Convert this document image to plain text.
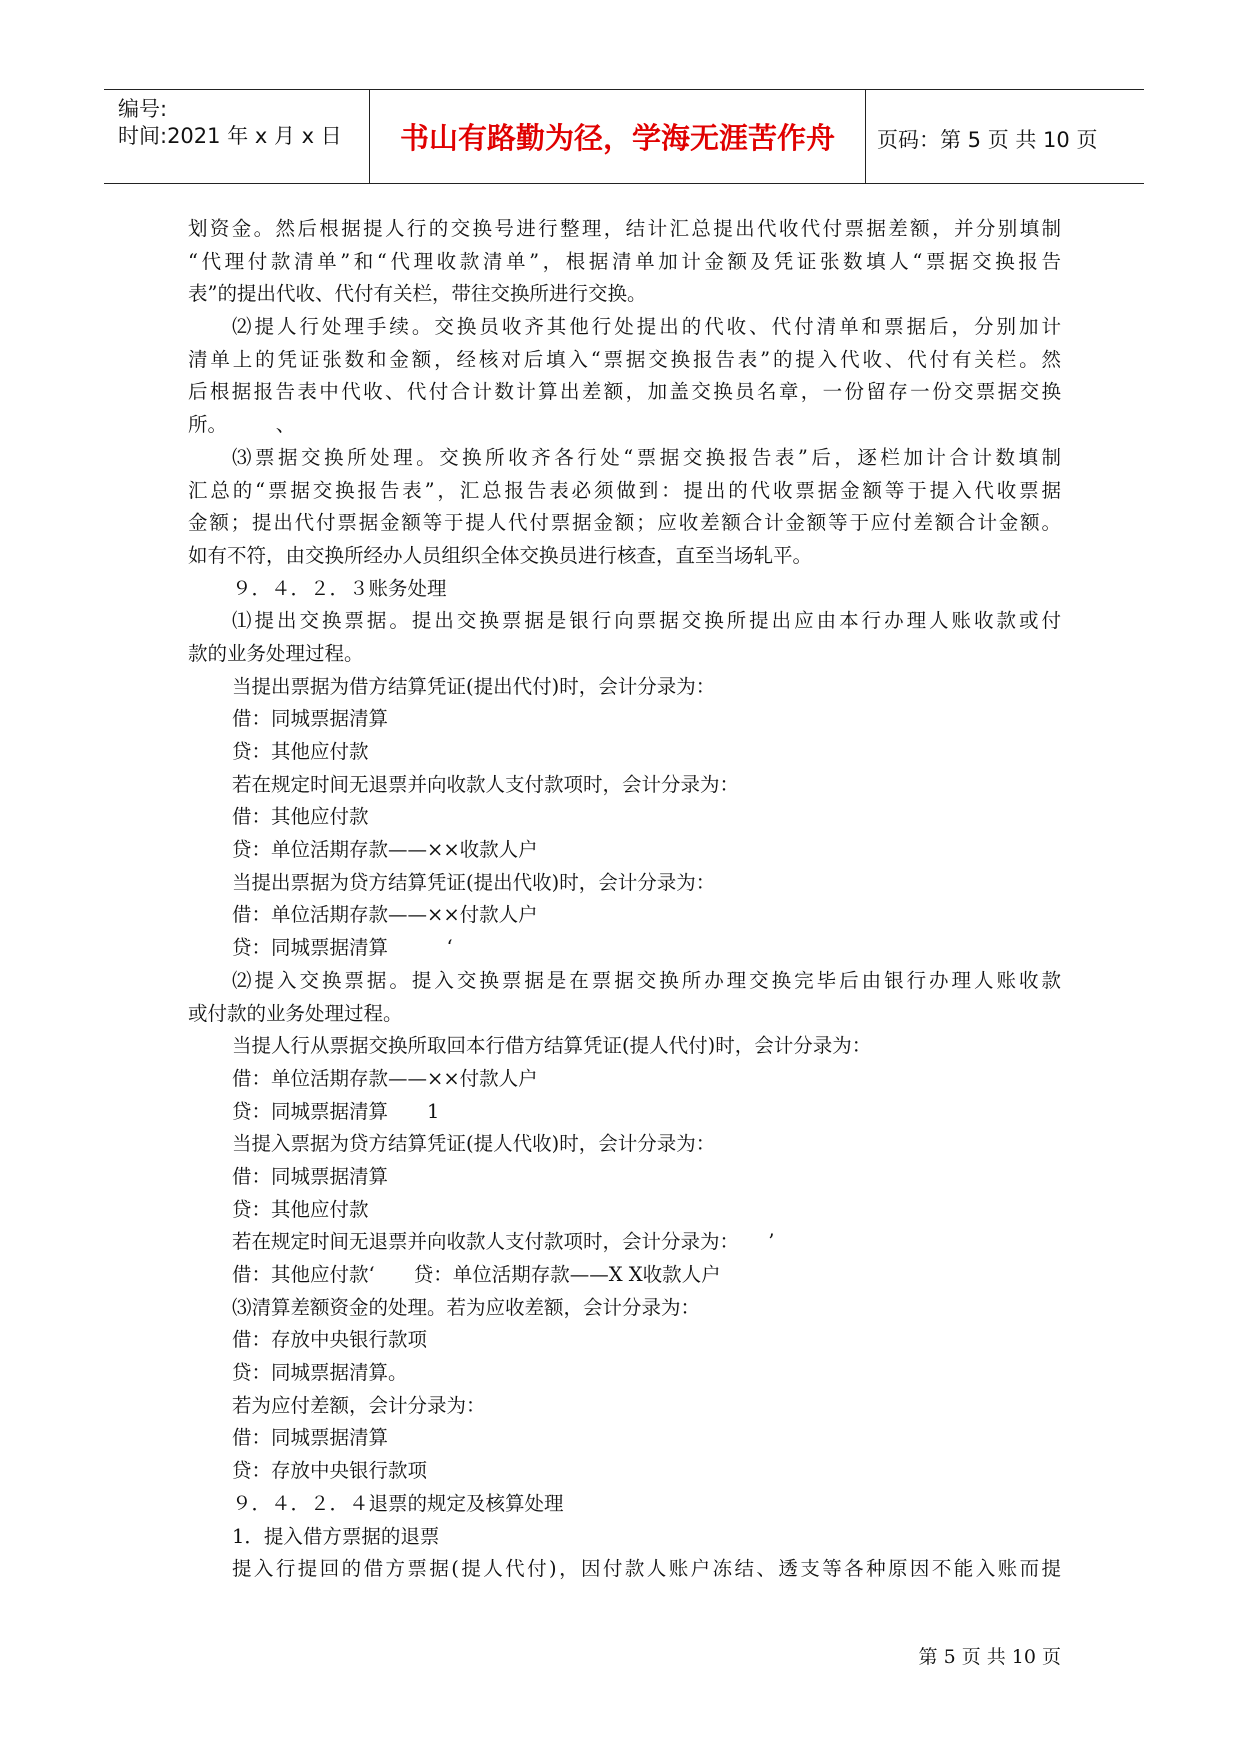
编号:
时间:2021 年 x 月 x 日	书山有路勤为径，学海无涯苦作舟	页码：第 5 页 共 10 页
划资金。然后根据提人行的交换号进行整理，结计汇总提出代收代付票据差额，并分别填制
“代理付款清单”和“代理收款清单”，根据清单加计金额及凭证张数填人“票据交换报告
表”的提出代收、代付有关栏，带往交换所进行交换。
⑵提人行处理手续。交换员收齐其他行处提出的代收、代付清单和票据后，分别加计
清单上的凭证张数和金额，经核对后填入“票据交换报告表”的提入代收、代付有关栏。然
后根据报告表中代收、代付合计数计算出差额，加盖交换员名章，一份留存一份交票据交换
所。　　　、
⑶票据交换所处理。交换所收齐各行处“票据交换报告表”后，逐栏加计合计数填制
汇总的“票据交换报告表”，汇总报告表必须做到：提出的代收票据金额等于提入代收票据
金额；提出代付票据金额等于提人代付票据金额；应收差额合计金额等于应付差额合计金额。
如有不符，由交换所经办人员组织全体交换员进行核查，直至当场轧平。
９．４．２．３账务处理
⑴提出交换票据。提出交换票据是银行向票据交换所提出应由本行办理人账收款或付
款的业务处理过程。
当提出票据为借方结算凭证(提出代付)时，会计分录为：
借：同城票据清算
贷：其他应付款
若在规定时间无退票并向收款人支付款项时，会计分录为：
借：其他应付款
贷：单位活期存款——××收款人户
当提出票据为贷方结算凭证(提出代收)时，会计分录为：
借：单位活期存款——××付款人户
贷：同城票据清算　　　‘
⑵提入交换票据。提入交换票据是在票据交换所办理交换完毕后由银行办理人账收款
或付款的业务处理过程。
当提人行从票据交换所取回本行借方结算凭证(提人代付)时，会计分录为：
借：单位活期存款——××付款人户
贷：同城票据清算　　1
当提入票据为贷方结算凭证(提人代收)时，会计分录为：
借：同城票据清算
贷：其他应付款
若在规定时间无退票并向收款人支付款项时，会计分录为：　　’
借：其他应付款‘　　贷：单位活期存款——X X收款人户
⑶清算差额资金的处理。若为应收差额，会计分录为：
借：存放中央银行款项
贷：同城票据清算。
若为应付差额，会计分录为：
借：同城票据清算
贷：存放中央银行款项
９．４．２．４退票的规定及核算处理
1．提入借方票据的退票
提入行提回的借方票据(提人代付)，因付款人账户冻结、透支等各种原因不能入账而提
第 5 页 共 10 页
